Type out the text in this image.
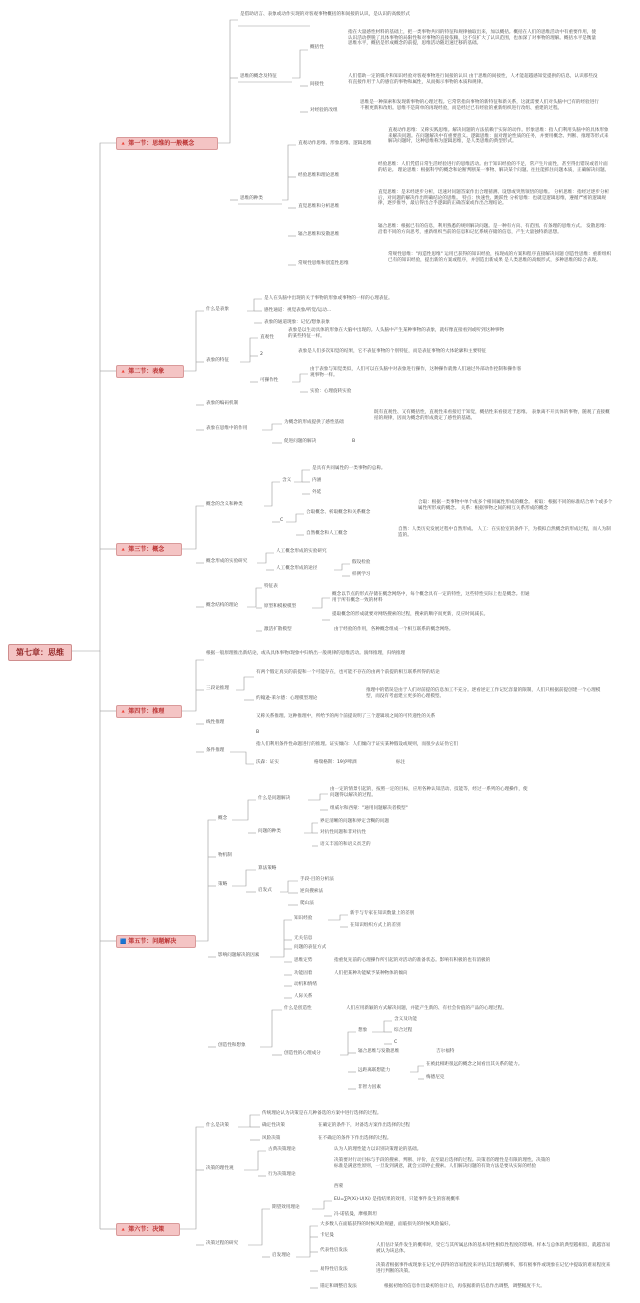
第七章：思维
🔺 第一节：思维的一般概念
是借助语言、表象或动作实现的对客观事物概括的和间接的认识，是认识的高级形式
思维的概念及特征
概括性
指在大量感性材料的基础上，把一类事物共同的特征和规律抽取出来，加以概括。概括在人们的思维活动中有重要作用，使认识活动摆脱了具体事物的局限性和对事物的直接依赖，这不仅扩大了认识范围，也加深了对事物的理解。概括水平是衡量思维水平，概括是形成概念的前提，思维活动随迅速迁移的基础。
间接性
人们借助一定的媒介和知识经验对客观事物进行间接的认识 由于思维的间接性，人才能超越感知觉提供的信息，认识那些没有直接作用于人的感官的事物和属性，从而揭示事物的本质和规律。
对经验的改组
思维是一种探索和发现新事物的心理过程。它常常指向事物的新特征和新关系，这就需要人们对头脑中已有的经验进行不断更新和改组。思维不是简单的再现经验，而是经过已有经验的重新组织进行改组、重建的过程。
思维的种类
直观动作思维、形象思维、逻辑思维
直观动作思维：又称实践思维。解决问题的方法依赖于实际的动作。形象思维：指人们利用头脑中的具体形象来解决问题。在问题解决中有重要意义。逻辑思维：面对理论性质的任务，并要用概念、判断、推理等形式来解决问题时，这种思维称为逻辑思维，是人类思维的典型形式。
经验思维和理论思维
经验思维：人们凭借日常生活经验进行的思维活动。由于知识经验的不足，常产生片面性，甚至得出错误或者片面的结论。 理论思维：根据科学的概念和论断判断某一事物、解决某个问题。往往能抓住问题本质，正确解决问题。
直觉思维和分析思维
直觉思维：是未经逐步分析，迅速对问题答案作出合理猜测、设想或突然领悟的思维。 分析思维：指经过逐步分析后，对问题的解决作出明确结论的思维。 特点：快速性、跳跃性 分析思维：也就是逻辑思维，遵循严密的逻辑规律，逐步推导，最后得出合乎逻辑的正确答案或作出合理结论。
辐合思维和发散思维
辐合思维：根据已有的信息，利用熟悉的规则解决问题。是一种有方向、有范围、有条理的思维方式。 发散思维：沿着不同的方向思考，重新组织当前的信息和记忆系统存储的信息，产生大量独特新思想。
常规性思维和创造性思维
常规性思维："再造性思维" 运用已获得的知识经验，按现成的方案和程序直接解决问题 创造性思维：重新组织已有的知识经验，提出新的方案或程序，并创造出新成果 是人类思维的高级形式，多种思维的综合表现。
🔺 第二节：表象
什么是表象
是人在头脑中出现的关于事物的形象或事物的一样的心理表征。
感性通道：视觉表象/听觉/运动...
表象的通道现象：记忆/想象表象
表象的特征
直观性
表象是以生动具体的形象在大脑中出现的。人头脑中产生某种事物的表象，就好像直接看到或听到这种事物的某些特征一样。
2
表象是人们多次知觉的结果，它不表征事物的个别特征，而是表征事物的大体轮廓和主要特征
可操作性
由于表象与知觉类似，人们可以在头脑中对表象进行操作，这种操作就像人们通过外部动作控制和操作客观事物一样。
实验：心理旋转实验
表象的编码机制
表象在思维中的作用
为概念的形成提供了感性基础
既有直观性、又有概括性，直观性来看接近于知觉，概括性来看接近于思维。 表象离不开具体的事物，随观了直接概括的规律，因而为概念的形成奠定了感性的基础。
促进问题的解决	B
🔺 第三节：概念
概念的含义和种类
含义
是具有共同属性的一类事物的总称。
内涵
外延
C
合取概念、析取概念和关系概念
合取：根据一类事物中单个或多个相同属性形成的概念。 析取：根据不同的标准结合单个或多个属性所形成的概念。 关系：根据事物之间的相互关系形成的概念
自然概念和人工概念
自然：人类历史发展过程中自然形成。 人工：在实验室的条件下，为模拟自然概念的形成过程，而人为制造的。
概念形成的实验研究
人工概念形成的实验研究
人工概念形成的途径
假设检验
样例学习
概念结构的理论
特征表
原型和模板模型
概念以节点的形式存储在概念网络中，每个概念具有一定的特性，这些特性实际上也是概念。但通用于所有概念一致的材料
提取概念的形成就要对网络搜索的过程，搜索的顺序而更新，反应时间减长。
激活扩散模型	由于经验的作用，各种概念组成一个相互联系的概念网络。
🔺 第四节：推理
根据一般原理推出新结论，或从具体事物/现象中归纳出一般规律的思维活动。演绎推理，归纳推理
三段论推理
有两个假定真实的前提和一个可能存在，也可能不存在的由两个前提的相互联系所得的结论
约翰逊-莱尔德：心理模型理论
推理中的错误是由于人们对前提的信息加工不充分。逐看逆定工作记忆容量的限制，人们只根据前提创建一个心理模型，而没有考虑建立更多的心理模型。
线性推理
又称关系推理。这种推理中，所给予的两个前提说明了三个逻辑项之间的可传递性的关系
B
条件推理
指人们利用条件性命题进行的推理。证实倾向：人们倾向于证实某种假设或规则，而很少去证伪它们
沃森：证实	格瑞格斯：19岁啤酒	标注
🟦 第五节：问题解决
概念
什么是问题解决
由一定的情景引起的，按照一定的目标，应用各种认知活动、技能等，经过一系列的心理操作，使问题得以解决的过程。
组威尔和西蒙："通用问题解决者模型"
问题的种类
界定清晰的问题和界定含糊的问题
对抗性问题和非对抗性
语义丰富的和语义贫乏的
物机制
策略
算法策略
启发式
手段-目的分析法
逆向搜索法
爬山法
影响问题解决的因素
知识经验
新手与专家在知识数量上的差别
在知识组织方式上的差别
无关信息
问题的表征方式
思维定势	指重复先前的心理操作所引起的对活动的准备状态。影响有积极的也有消极的
功能固着	人们把某种功能赋予某种物体的倾向
动机和情绪
人际关系
创造性和想象
什么是创造性	人们应用新颖的方式解决问题，并能产生新的、有社会价值的产品的心理过程。
创造性的心理成分
想象
含义及功能
综合过程
C
辐合思维与发散思维	吉尔福特
远距离联想能力
在被此相距很远的概念之间看出其关系的能力。
梅德尼克
非智力因素
🔺 第六节：决策
什么是决策
传统理论认为决策是在几种备选的方案中进行选择的过程。
确定性决策	在确定的条件下，对备选方案作出选择的过程
风险决策	在不确定的条件下作出选择的过程。
决策的理性观
古典决策理论	认为人的理性能力以识别决策理论的基础。
行为决策理论
决策要对行动目标与手段的搜索、判断、评价，直至最后选择的过程。决策者的理性是有限的理性。决策的标准是满意性原则，一旦发到满意，就会立即停止搜索。人们解决问题的有效方法是要从实际的经验
西蒙
决策过程的研究
期望效用理论
EU=∑P(Xi)·U(Xi) 是指结果的效用，只能事件发生的客观概率
冯·诺依曼，摩根斯坦
启发理论
大多数人在面临获得的时候风险规避，面临损失的时候风险偏好。
卡尼曼
代表性启发法
人们估计某件发生的概率时，受它与其所属总体的基本特性相似性程度的影响。样本与总体的典型越相似，就越容易被认为该总体。
易得性启发法
决策者根据事件或现象在记忆中获得的容易程度来评估其出现的概率，那有极事件或现象在记忆中提取的难易程度来进行判断的决策。
锚定和调整启发法	根据初始的信息作出最初的估计后，再依据新的信息作出调整，调整幅度不大。
